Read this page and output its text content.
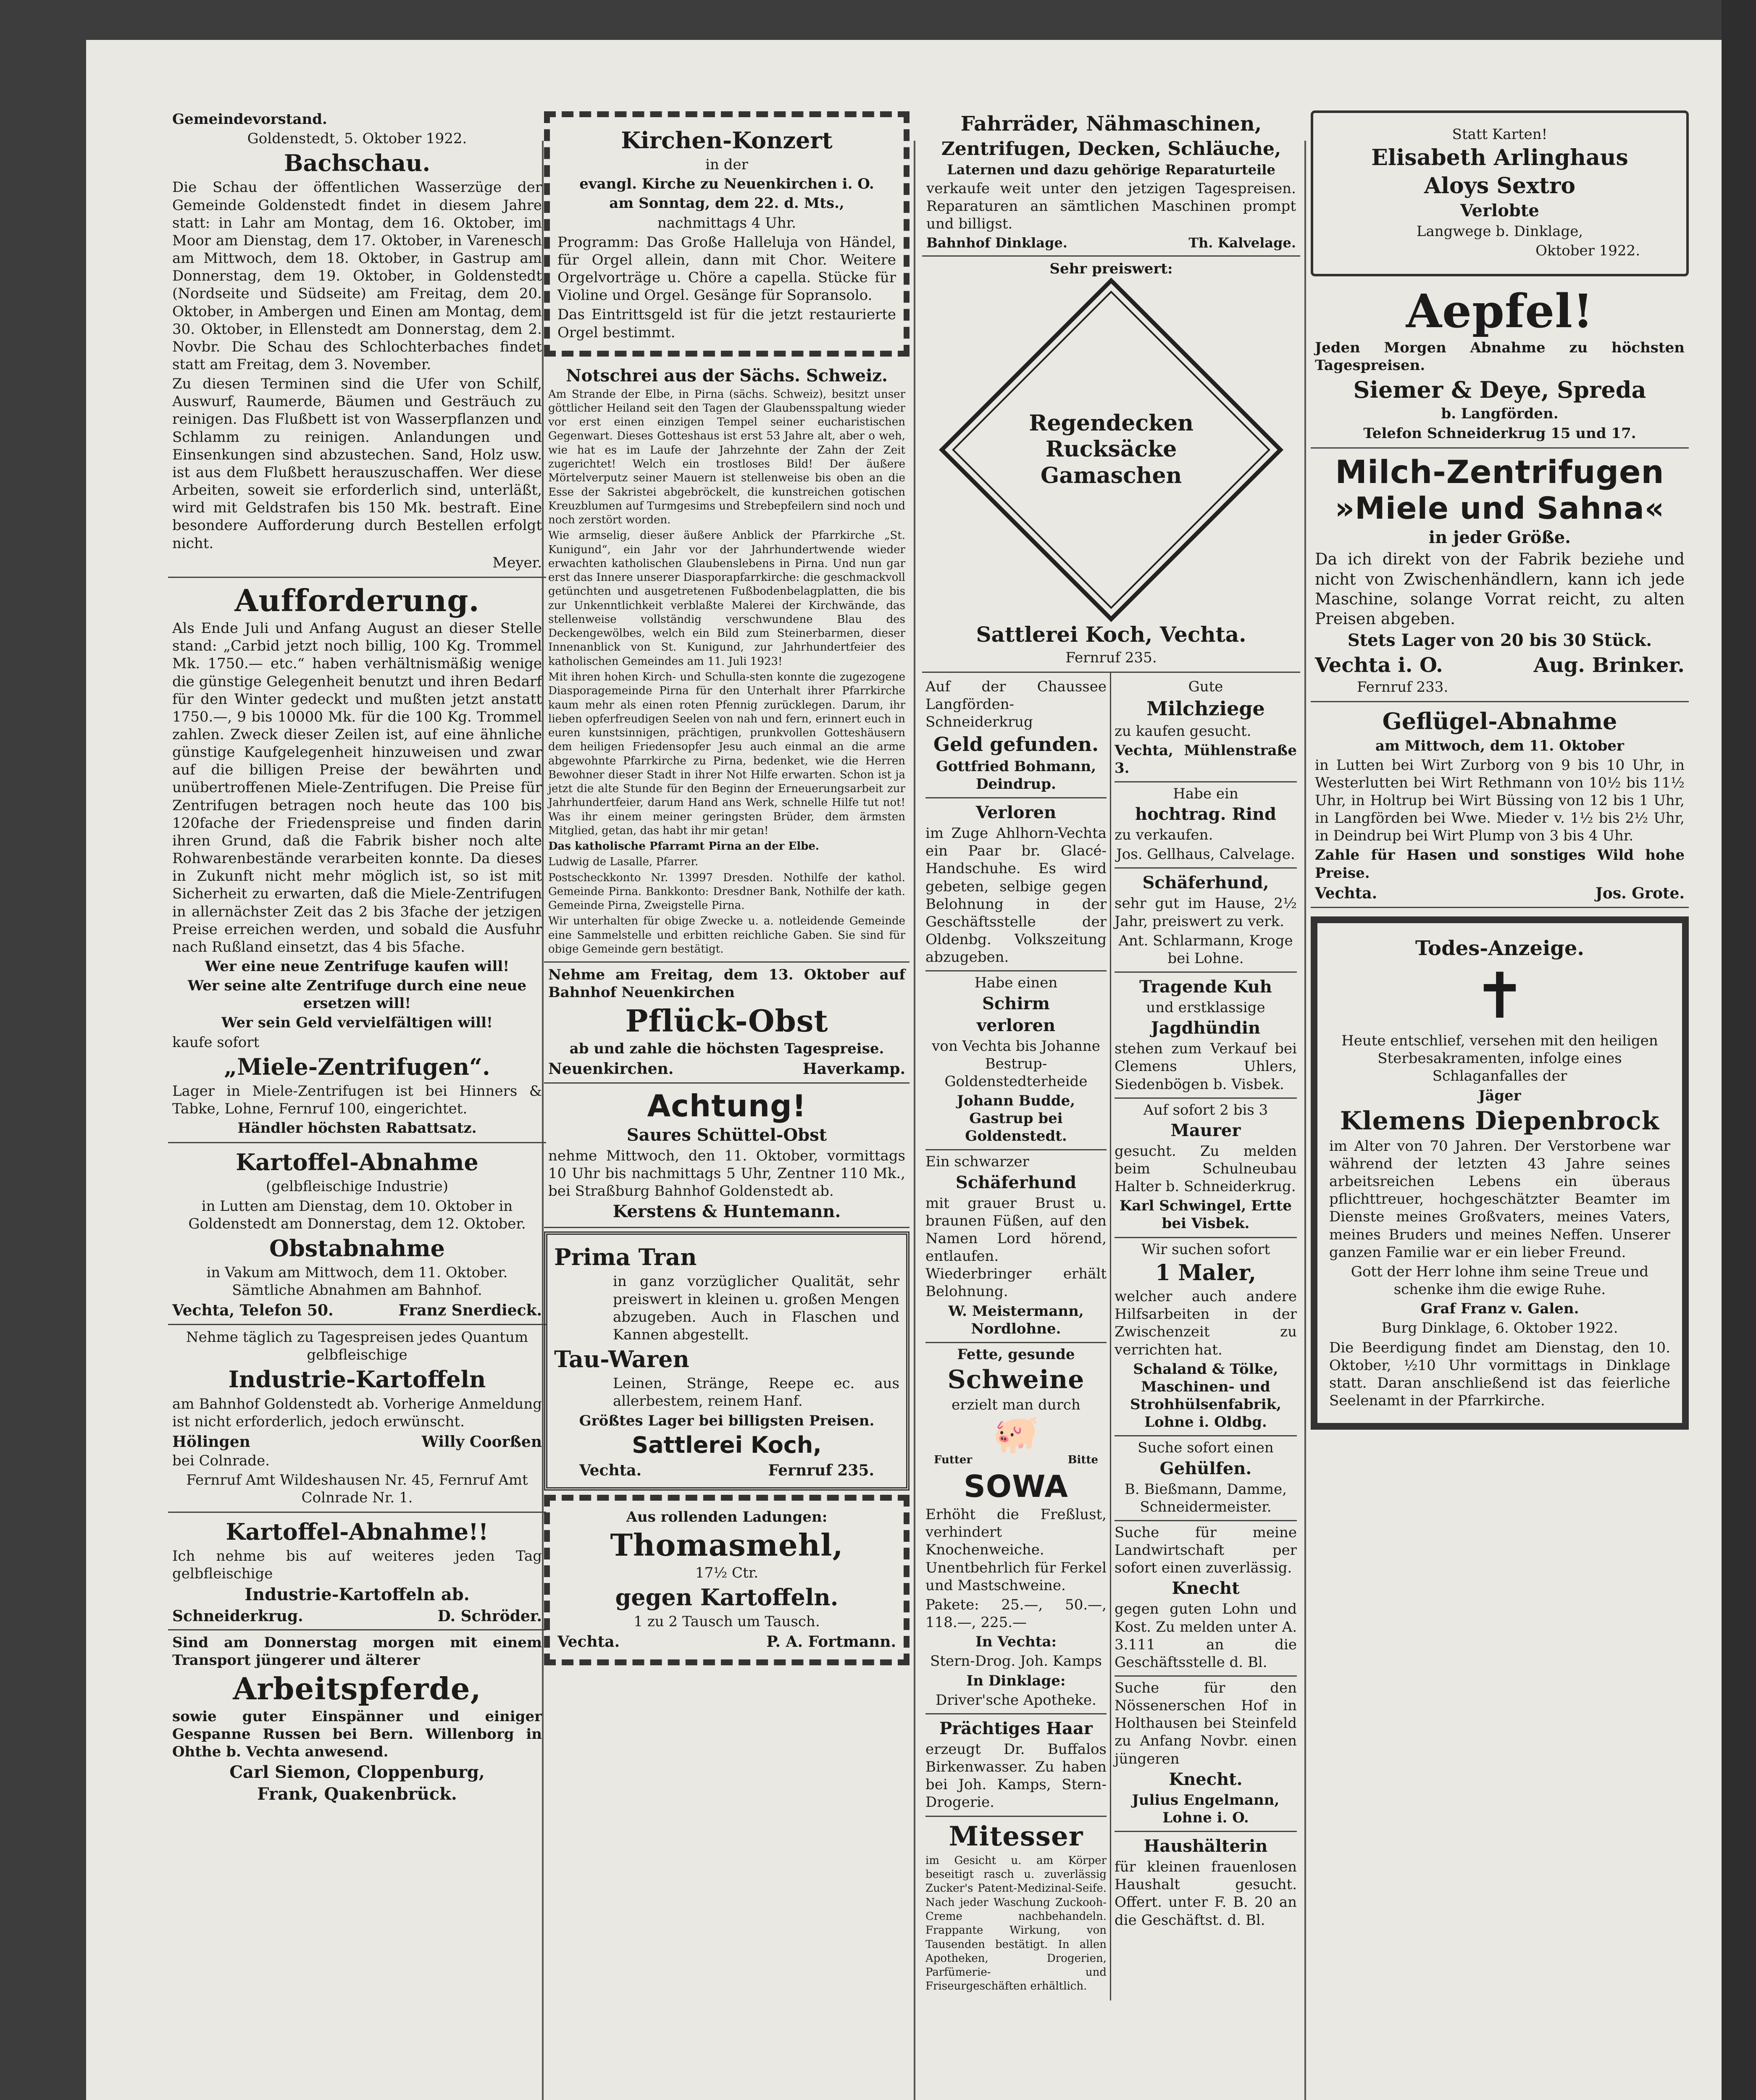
Gemeindevorstand.

Goldenstedt, 5. Oktober 1922.

Bachschau.

Die Schau der öffentlichen Wasserzüge der Gemeinde Goldenstedt findet in diesem Jahre statt: in Lahr am Montag, dem 16. Oktober, im Moor am Dienstag, dem 17. Oktober, in Varenesch am Mittwoch, dem 18. Oktober, in Gastrup am Donnerstag, dem 19. Oktober, in Goldenstedt (Nordseite und Südseite) am Freitag, dem 20. Oktober, in Ambergen und Einen am Montag, dem 30. Oktober, in Ellenstedt am Donnerstag, dem 2. Novbr. Die Schau des Schlochterbaches findet statt am Freitag, dem 3. November.

Zu diesen Terminen sind die Ufer von Schilf, Auswurf, Raumerde, Bäumen und Gesträuch zu reinigen. Das Flußbett ist von Wasserpflanzen und Schlamm zu reinigen. Anlandungen und Einsenkungen sind abzustechen. Sand, Holz usw. ist aus dem Flußbett herauszuschaffen. Wer diese Arbeiten, soweit sie erforderlich sind, unterläßt, wird mit Geldstrafen bis 150 Mk. bestraft. Eine besondere Aufforderung durch Bestellen erfolgt nicht.

Meyer.

Aufforderung.

Als Ende Juli und Anfang August an dieser Stelle stand: „Carbid jetzt noch billig, 100 Kg. Trommel Mk. 1750.— etc.“ haben verhältnismäßig wenige die günstige Gelegenheit benutzt und ihren Bedarf für den Winter gedeckt und mußten jetzt anstatt 1750.—, 9 bis 10000 Mk. für die 100 Kg. Trommel zahlen. Zweck dieser Zeilen ist, auf eine ähnliche günstige Kaufgelegenheit hinzuweisen und zwar auf die billigen Preise der bewährten und unübertroffenen Miele-Zentrifugen. Die Preise für Zentrifugen betragen noch heute das 100 bis 120fache der Friedenspreise und finden darin ihren Grund, daß die Fabrik bisher noch alte Rohwarenbestände verarbeiten konnte. Da dieses in Zukunft nicht mehr möglich ist, so ist mit Sicherheit zu erwarten, daß die Miele-Zentrifugen in allernächster Zeit das 2 bis 3fache der jetzigen Preise erreichen werden, und sobald die Ausfuhr nach Rußland einsetzt, das 4 bis 5fache.

Wer eine neue Zentrifuge kaufen will!

Wer seine alte Zentrifuge durch eine neue ersetzen will!

Wer sein Geld vervielfältigen will!

kaufe sofort

„Miele-Zentrifugen“.

Lager in Miele-Zentrifugen ist bei Hinners & Tabke, Lohne, Fernruf 100, eingerichtet.

Händler höchsten Rabattsatz.

Kartoffel-Abnahme

(gelbfleischige Industrie)

in Lutten am Dienstag, dem 10. Oktober in Goldenstedt am Donnerstag, dem 12. Oktober.

Obstabnahme

in Vakum am Mittwoch, dem 11. Oktober. Sämtliche Abnahmen am Bahnhof.

Vechta, Telefon 50.	Franz Snerdieck.

Nehme täglich zu Tagespreisen jedes Quantum gelbfleischige

Industrie-Kartoffeln

am Bahnhof Goldenstedt ab. Vorherige Anmeldung ist nicht erforderlich, jedoch erwünscht.

Hölingen	Willy Coorßen

bei Colnrade.

Fernruf Amt Wildeshausen Nr. 45, Fernruf Amt Colnrade Nr. 1.

Kartoffel-Abnahme!!

Ich nehme bis auf weiteres jeden Tag gelbfleischige

Industrie-Kartoffeln ab.

Schneiderkrug.	D. Schröder.

Sind am Donnerstag morgen mit einem Transport jüngerer und älterer

Arbeitspferde,

sowie guter Einspänner und einiger Gespanne Russen bei Bern. Willenborg in Ohthe b. Vechta anwesend.

Carl Siemon, Cloppenburg,

Frank, Quakenbrück.

Kirchen-Konzert

in der

evangl. Kirche zu Neuenkirchen i. O.

am Sonntag, dem 22. d. Mts.,

nachmittags 4 Uhr.

Programm: Das Große Halleluja von Händel, für Orgel allein, dann mit Chor. Weitere Orgelvorträge u. Chöre a capella. Stücke für Violine und Orgel. Gesänge für Sopransolo.

Das Eintrittsgeld ist für die jetzt restaurierte Orgel bestimmt.

Notschrei aus der Sächs. Schweiz.

Am Strande der Elbe, in Pirna (sächs. Schweiz), besitzt unser göttlicher Heiland seit den Tagen der Glaubensspaltung wieder vor erst einen einzigen Tempel seiner eucharistischen Gegenwart. Dieses Gotteshaus ist erst 53 Jahre alt, aber o weh, wie hat es im Laufe der Jahrzehnte der Zahn der Zeit zugerichtet! Welch ein trostloses Bild! Der äußere Mörtelverputz seiner Mauern ist stellenweise bis oben an die Esse der Sakristei abgebröckelt, die kunstreichen gotischen Kreuzblumen auf Turmgesims und Strebepfeilern sind noch und noch zerstört worden.

Wie armselig, dieser äußere Anblick der Pfarrkirche „St. Kunigund“, ein Jahr vor der Jahrhundertwende wieder erwachten katholischen Glaubenslebens in Pirna. Und nun gar erst das Innere unserer Diasporapfarrkirche: die geschmackvoll getünchten und ausgetretenen Fußbodenbelagplatten, die bis zur Unkenntlichkeit verblaßte Malerei der Kirchwände, das stellenweise vollständig verschwundene Blau des Deckengewölbes, welch ein Bild zum Steinerbarmen, dieser Innenanblick von St. Kunigund, zur Jahrhundertfeier des katholischen Gemeindes am 11. Juli 1923!

Mit ihren hohen Kirch- und Schulla-sten konnte die zugezogene Diasporagemeinde Pirna für den Unterhalt ihrer Pfarrkirche kaum mehr als einen roten Pfennig zurücklegen. Darum, ihr lieben opferfreudigen Seelen von nah und fern, erinnert euch in euren kunstsinnigen, prächtigen, prunkvollen Gotteshäusern dem heiligen Friedensopfer Jesu auch einmal an die arme abgewohnte Pfarrkirche zu Pirna, bedenket, wie die Herren Bewohner dieser Stadt in ihrer Not Hilfe erwarten. Schon ist ja jetzt die alte Stunde für den Beginn der Erneuerungsarbeit zur Jahrhundertfeier, darum Hand ans Werk, schnelle Hilfe tut not! Was ihr einem meiner geringsten Brüder, dem ärmsten Mitglied, getan, das habt ihr mir getan!

Das katholische Pfarramt Pirna an der Elbe.

Ludwig de Lasalle, Pfarrer.

Postscheckkonto Nr. 13997 Dresden. Nothilfe der kathol. Gemeinde Pirna. Bankkonto: Dresdner Bank, Nothilfe der kath. Gemeinde Pirna, Zweigstelle Pirna.

Wir unterhalten für obige Zwecke u. a. notleidende Gemeinde eine Sammelstelle und erbitten reichliche Gaben. Sie sind für obige Gemeinde gern bestätigt.

Nehme am Freitag, dem 13. Oktober auf Bahnhof Neuenkirchen

Pflück-Obst

ab und zahle die höchsten Tagespreise.

Neuenkirchen.	Haverkamp.

Achtung!

Saures Schüttel-Obst

nehme Mittwoch, den 11. Oktober, vormittags 10 Uhr bis nachmittags 5 Uhr, Zentner 110 Mk., bei Straßburg Bahnhof Goldenstedt ab.

Kerstens & Huntemann.

Prima Tran

in ganz vorzüglicher Qualität, sehr preiswert in kleinen u. großen Mengen abzugeben. Auch in Flaschen und Kannen abgestellt.

Tau-Waren

Leinen, Stränge, Reepe ec. aus allerbestem, reinem Hanf.

Größtes Lager bei billigsten Preisen.

Sattlerei Koch,

Vechta.	Fernruf 235.

Aus rollenden Ladungen:

Thomasmehl,

17½ Ctr.

gegen Kartoffeln.

1 zu 2 Tausch um Tausch.

Vechta.	P. A. Fortmann.

Fahrräder, Nähmaschinen,

Zentrifugen, Decken, Schläuche,

Laternen und dazu gehörige Reparaturteile

verkaufe weit unter den jetzigen Tagespreisen. Reparaturen an sämtlichen Maschinen prompt und billigst.

Bahnhof Dinklage.	Th. Kalvelage.

Sehr preiswert:

Regendecken
Rucksäcke
Gamaschen

Sattlerei Koch, Vechta.

Fernruf 235.

Auf der Chaussee Langförden-Schneiderkrug

Geld gefunden.

Gottfried Bohmann, Deindrup.

Verloren

im Zuge Ahlhorn-Vechta ein Paar br. Glacé-Handschuhe. Es wird gebeten, selbige gegen Belohnung in der Geschäftsstelle der Oldenbg. Volkszeitung abzugeben.

Habe einen

Schirm

verloren

von Vechta bis Johanne Bestrup-Goldenstedterheide

Johann Budde, Gastrup bei Goldenstedt.

Ein schwarzer

Schäferhund

mit grauer Brust u. braunen Füßen, auf den Namen Lord hörend, entlaufen. Wiederbringer erhält Belohnung.

W. Meistermann, Nordlohne.

Fette, gesunde

Schweine

erzielt man durch

🐖
Futter	Bitte

SOWA

Erhöht die Freßlust, verhindert Knochenweiche. Unentbehrlich für Ferkel und Mastschweine.

Pakete: 25.—, 50.—, 118.—, 225.—

In Vechta:

Stern-Drog. Joh. Kamps

In Dinklage:

Driver'sche Apotheke.

Prächtiges Haar

erzeugt Dr. Buffalos Birkenwasser. Zu haben bei Joh. Kamps, Stern-Drogerie.

Mitesser

im Gesicht u. am Körper beseitigt rasch u. zuverlässig Zucker's Patent-Medizinal-Seife. Nach jeder Waschung Zuckooh-Creme nachbehandeln. Frappante Wirkung, von Tausenden bestätigt. In allen Apotheken, Drogerien, Parfümerie- und Friseurgeschäften erhältlich.

Gute

Milchziege

zu kaufen gesucht.

Vechta, Mühlenstraße 3.

Habe ein

hochtrag. Rind

zu verkaufen.

Jos. Gellhaus, Calvelage.

Schäferhund,

sehr gut im Hause, 2½ Jahr, preiswert zu verk.

Ant. Schlarmann, Kroge bei Lohne.

Tragende Kuh

und erstklassige

Jagdhündin

stehen zum Verkauf bei Clemens Uhlers, Siedenbögen b. Visbek.

Auf sofort 2 bis 3

Maurer

gesucht. Zu melden beim Schulneubau Halter b. Schneiderkrug.

Karl Schwingel, Ertte bei Visbek.

Wir suchen sofort

1 Maler,

welcher auch andere Hilfsarbeiten in der Zwischenzeit zu verrichten hat.

Schaland & Tölke, Maschinen- und Strohhülsenfabrik, Lohne i. Oldbg.

Suche sofort einen

Gehülfen.

B. Bießmann, Damme, Schneidermeister.

Suche für meine Landwirtschaft per sofort einen zuverlässig.

Knecht

gegen guten Lohn und Kost. Zu melden unter A. 3.111 an die Geschäftsstelle d. Bl.

Suche für den Nössenerschen Hof in Holthausen bei Steinfeld zu Anfang Novbr. einen jüngeren

Knecht.

Julius Engelmann, Lohne i. O.

Haushälterin

für kleinen frauenlosen Haushalt gesucht. Offert. unter F. B. 20 an die Geschäftst. d. Bl.

Statt Karten!

Elisabeth Arlinghaus

Aloys Sextro

Verlobte

Langwege b. Dinklage,

Oktober 1922.

Aepfel!

Jeden Morgen Abnahme zu höchsten Tagespreisen.

Siemer & Deye, Spreda

b. Langförden.

Telefon Schneiderkrug 15 und 17.

Milch-Zentrifugen

»Miele und Sahna«

in jeder Größe.

Da ich direkt von der Fabrik beziehe und nicht von Zwischenhändlern, kann ich jede Maschine, solange Vorrat reicht, zu alten Preisen abgeben.

Stets Lager von 20 bis 30 Stück.

Vechta i. O.	Aug. Brinker.

Fernruf 233.

Geflügel-Abnahme

am Mittwoch, dem 11. Oktober

in Lutten bei Wirt Zurborg von 9 bis 10 Uhr, in Westerlutten bei Wirt Rethmann von 10½ bis 11½ Uhr, in Holtrup bei Wirt Büssing von 12 bis 1 Uhr, in Langförden bei Wwe. Mieder v. 1½ bis 2½ Uhr, in Deindrup bei Wirt Plump von 3 bis 4 Uhr.

Zahle für Hasen und sonstiges Wild hohe Preise.

Vechta.	Jos. Grote.

Todes-Anzeige.

✝

Heute entschlief, versehen mit den heiligen Sterbesakramenten, infolge eines Schlaganfalles der

Jäger

Klemens Diepenbrock

im Alter von 70 Jahren. Der Verstorbene war während der letzten 43 Jahre seines arbeitsreichen Lebens ein überaus pflichttreuer, hochgeschätzter Beamter im Dienste meines Großvaters, meines Vaters, meines Bruders und meines Neffen. Unserer ganzen Familie war er ein lieber Freund.

Gott der Herr lohne ihm seine Treue und schenke ihm die ewige Ruhe.

Graf Franz v. Galen.

Burg Dinklage, 6. Oktober 1922.

Die Beerdigung findet am Dienstag, den 10. Oktober, ½10 Uhr vormittags in Dinklage statt. Daran anschließend ist das feierliche Seelenamt in der Pfarrkirche.
